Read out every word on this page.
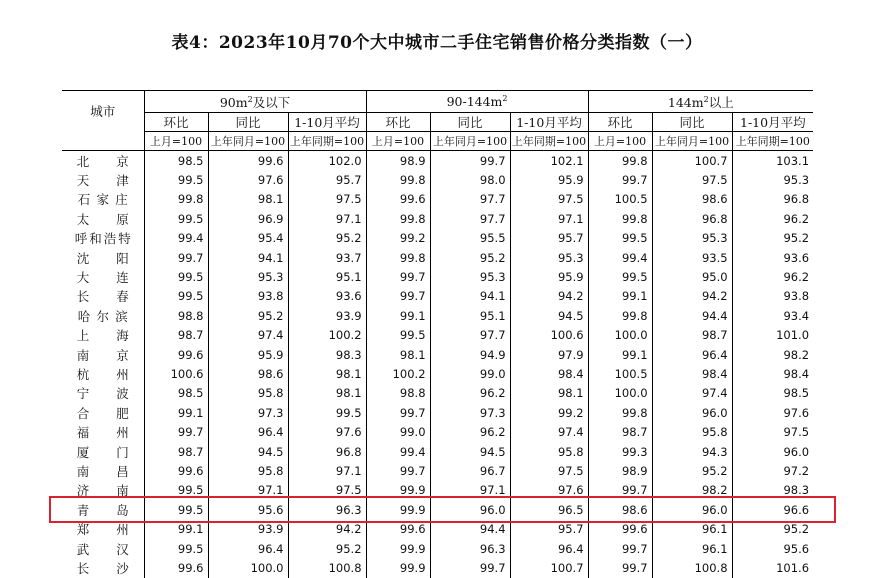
表4：2023年10月70个大中城市二手住宅销售价格分类指数（一）
城市	$90m^2$及以下			$90-144m^2$			$144m^2$以上		
	环比	同比	1-10月平均	环比	同比	1-10月平均	环比	同比	1-10月平均
	上月=100	上年同月=100	上年同期=100	上月=100	上年同月=100	上年同期=100	上月=100	上年同月=100	上年同期=100
北京	98.5	99.6	102.0	98.9	99.7	102.1	99.8	100.7	103.1
天津	99.5	97.6	95.7	99.8	98.0	95.9	99.7	97.5	95.3
石家庄	99.8	98.1	97.5	99.6	97.7	97.5	100.5	98.6	96.8
太原	99.5	96.9	97.1	99.8	97.7	97.1	99.8	96.8	96.2
呼和浩特	99.4	95.4	95.2	99.2	95.5	95.7	99.5	95.3	95.2
沈阳	99.7	94.1	93.7	99.8	95.2	95.3	99.4	93.5	93.6
大连	99.5	95.3	95.1	99.7	95.3	95.9	99.5	95.0	96.2
长春	99.5	93.8	93.6	99.7	94.1	94.2	99.1	94.2	93.8
哈尔滨	98.8	95.2	93.9	99.1	95.1	94.5	99.8	94.4	93.4
上海	98.7	97.4	100.2	99.5	97.7	100.6	100.0	98.7	101.0
南京	99.6	95.9	98.3	98.1	94.9	97.9	99.1	96.4	98.2
杭州	100.6	98.6	98.1	100.2	99.0	98.4	100.5	98.4	98.4
宁波	98.5	95.8	98.1	98.8	96.2	98.1	100.0	97.4	98.5
合肥	99.1	97.3	99.5	99.7	97.3	99.2	99.8	96.0	97.6
福州	99.7	96.4	97.6	99.0	96.2	97.4	98.7	95.8	97.5
厦门	98.7	94.5	96.8	99.4	94.5	95.8	99.3	94.3	96.0
南昌	99.6	95.8	97.1	99.7	96.7	97.5	98.9	95.2	97.2
济南	99.5	97.1	97.5	99.9	97.1	97.6	99.7	98.2	98.3
青岛	99.5	95.6	96.3	99.9	96.0	96.5	98.6	96.0	96.6
郑州	99.1	93.9	94.2	99.6	94.4	95.7	99.6	96.1	95.2
武汉	99.5	96.4	95.2	99.9	96.3	96.4	99.7	96.1	95.6
长沙	99.6	100.0	100.8	99.9	99.7	100.7	99.7	100.8	101.6
